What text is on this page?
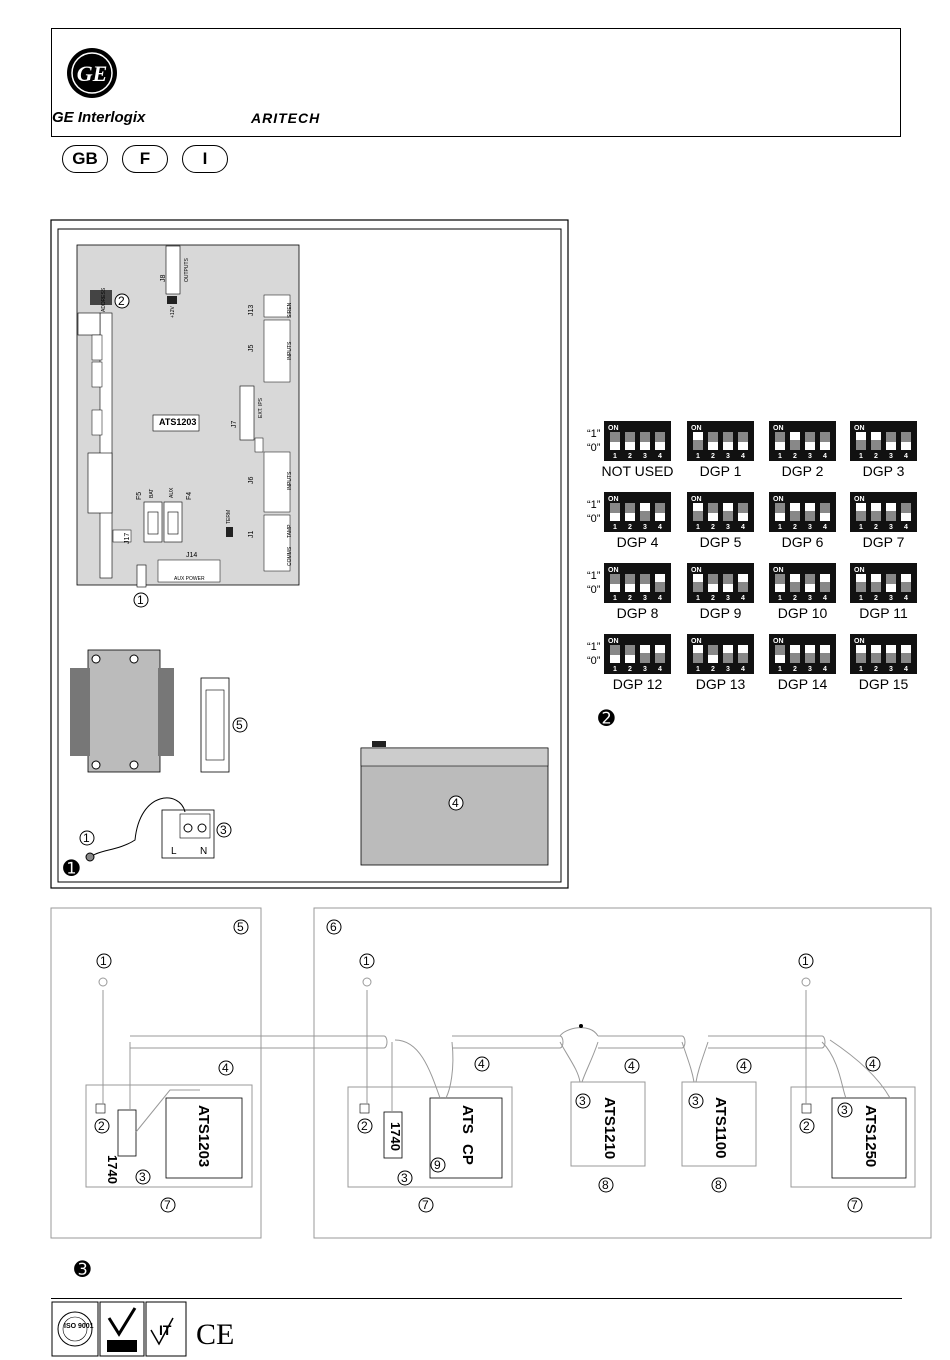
GE
GE Interlogix	ARITECH
GB	F	I
ATS1203
J8
J13
J5
J7
J6
J1
J14
J17
F5	F4
OUTPUTS
+12V
ADDRESS	SIREN
INPUTS
EXT. IPS
INPUTS
BAT	AUX
TERM
TAMP
COMMS
AUX POWER
L N
2
1
5
4
1
3
➊
“1”
“0”
“1”
“0”
“1”
“0”
“1”
“0”
➋
5	6
1	1	1
4	4	4	4	4
2	2	2
3	3
3
3	3
9
7	7
8	8
7
1740
ATS1203	1740
ATS
CP	ATS1210	ATS1100	ATS1250
➌
ISO 9001	IT CE
ON
1 2 3 4
NOT USED
ON
1 2 3 4
DGP 1
ON
1 2 3 4
DGP 2
ON
1 2 3 4
DGP 3
ON
1 2 3 4
DGP 4
ON
1 2 3 4
DGP 5
ON
1 2 3 4
DGP 6
ON
1 2 3 4
DGP 7
ON
1 2 3 4
DGP 8
ON
1 2 3 4
DGP 9
ON
1 2 3 4
DGP 10
ON
1 2 3 4
DGP 11
ON
1 2 3 4
DGP 12
ON
1 2 3 4
DGP 13
ON
1 2 3 4
DGP 14
ON
1 2 3 4
DGP 15
